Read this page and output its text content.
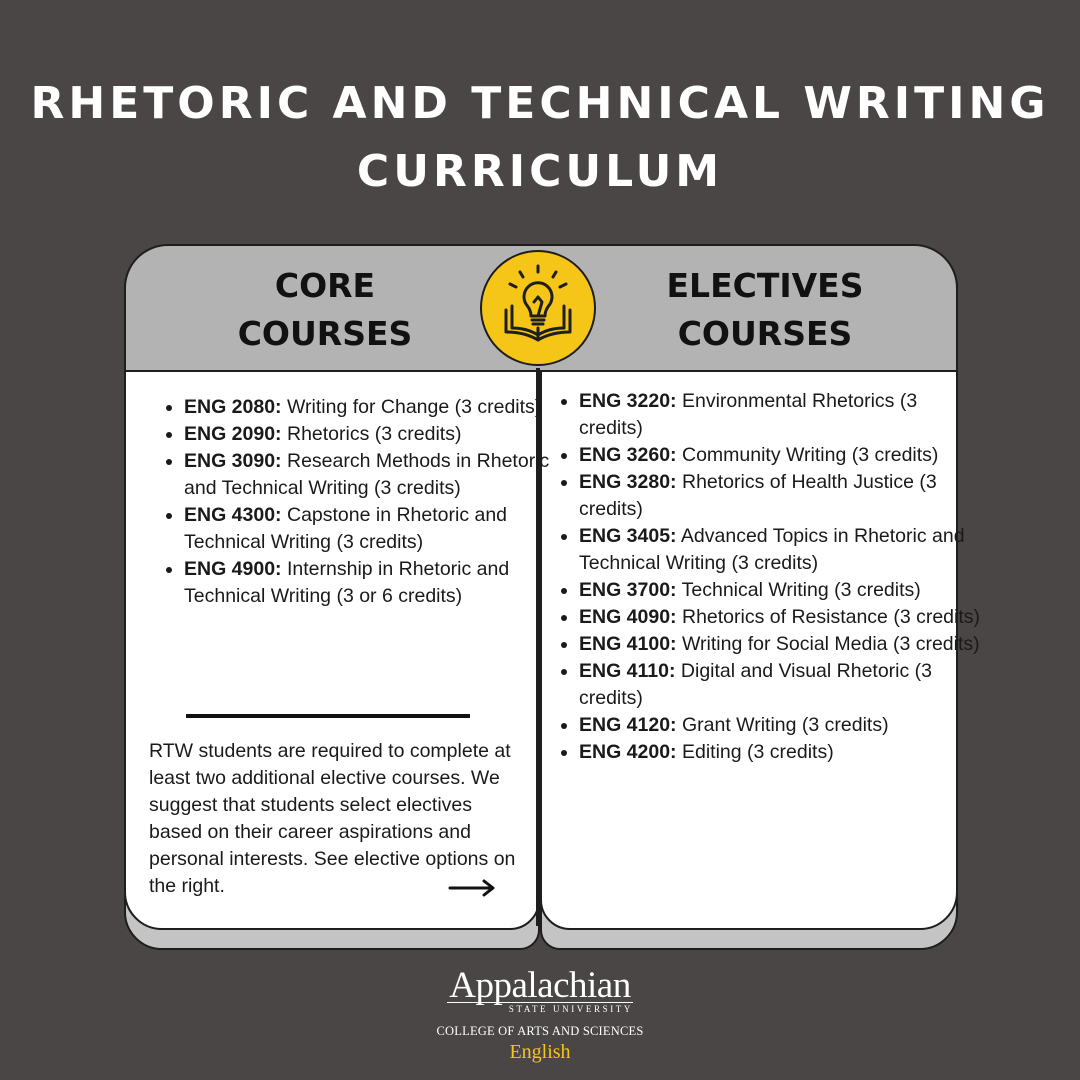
RHETORIC AND TECHNICAL WRITING
CURRICULUM
CORE
COURSES
ELECTIVES
COURSES
• ENG 2080: Writing for Change (3 credits)
• ENG 2090: Rhetorics (3 credits)
• ENG 3090: Research Methods in Rhetoric and Technical Writing (3 credits)
• ENG 4300: Capstone in Rhetoric and Technical Writing (3 credits)
• ENG 4900: Internship in Rhetoric and Technical Writing (3 or 6 credits)

RTW students are required to complete at least two additional elective courses. We suggest that students select electives based on their career aspirations and personal interests. See elective options on the right.

• ENG 3220: Environmental Rhetorics (3 credits)
• ENG 3260: Community Writing (3 credits)
• ENG 3280: Rhetorics of Health Justice (3 credits)
• ENG 3405: Advanced Topics in Rhetoric and Technical Writing (3 credits)
• ENG 3700: Technical Writing (3 credits)
• ENG 4090: Rhetorics of Resistance (3 credits)
• ENG 4100: Writing for Social Media (3 credits)
• ENG 4110: Digital and Visual Rhetoric (3 credits)
• ENG 4120: Grant Writing (3 credits)
• ENG 4200: Editing (3 credits)
Appalachian
STATE UNIVERSITY
COLLEGE OF ARTS AND SCIENCES
English
